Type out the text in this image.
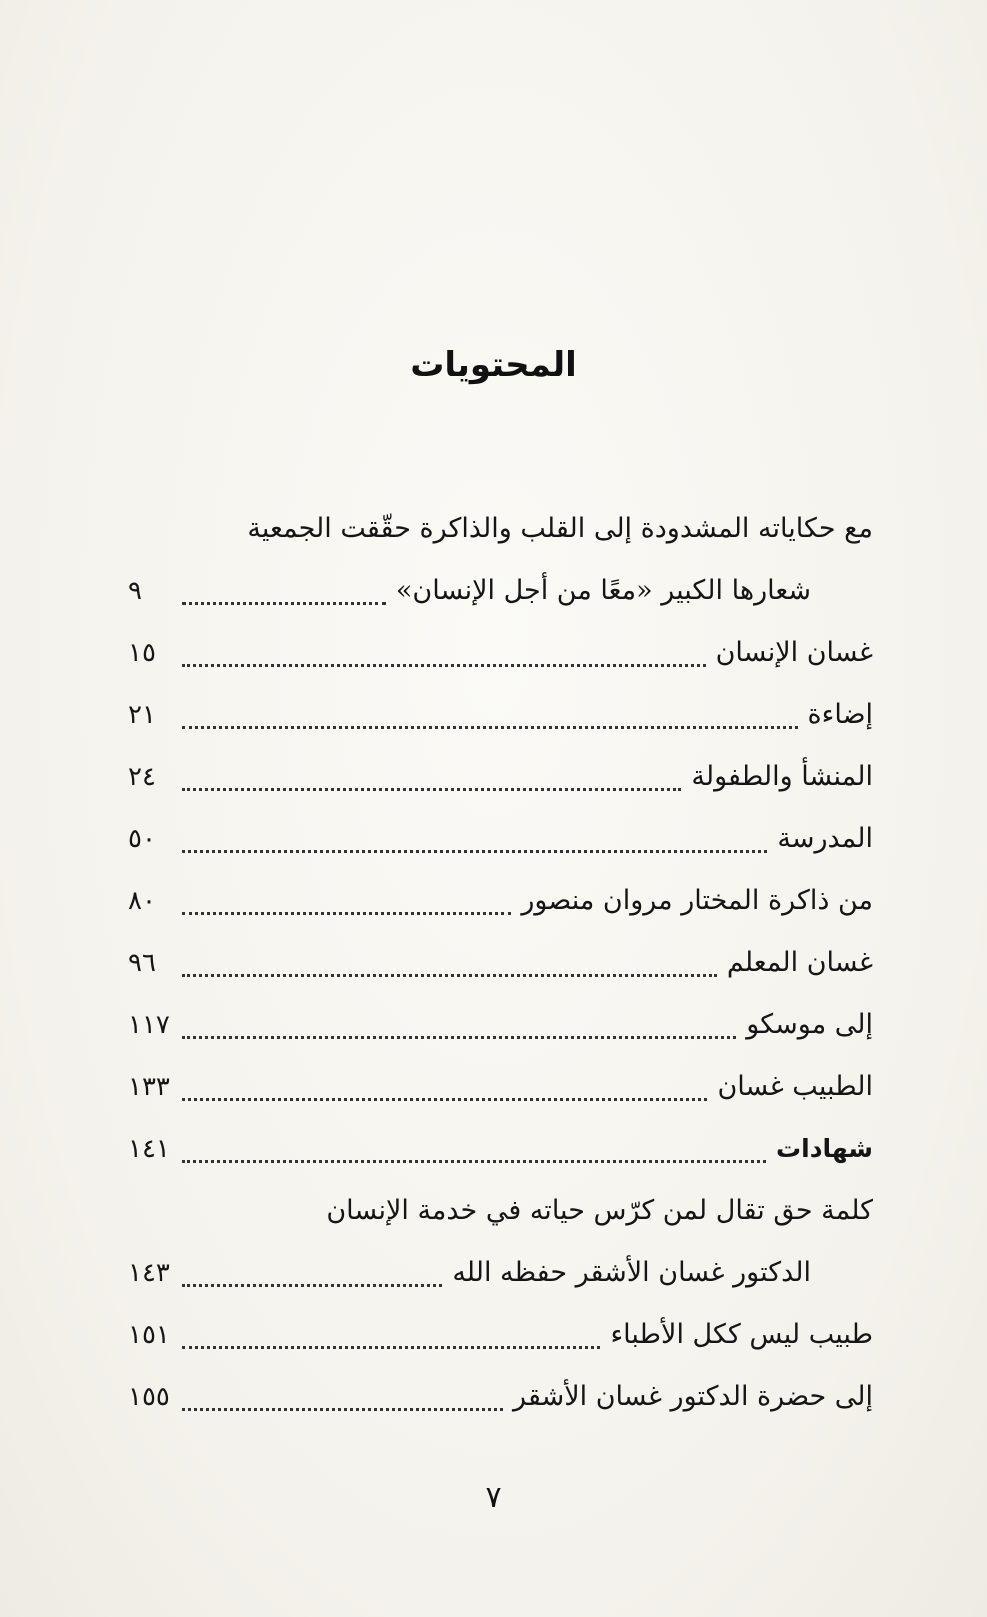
المحتويات
مع حكاياته المشدودة إلى القلب والذاكرة حقّقت الجمعية
شعارها الكبير «معًا من أجل الإنسان»
٩
غسان الإنسان
١٥
إضاءة
٢١
المنشأ والطفولة
٢٤
المدرسة
٥٠
من ذاكرة المختار مروان منصور
٨٠
غسان المعلم
٩٦
إلى موسكو
١١٧
الطبيب غسان
١٣٣
شهادات
١٤١
كلمة حق تقال لمن كرّس حياته في خدمة الإنسان
الدكتور غسان الأشقر حفظه الله
١٤٣
طبيب ليس ككل الأطباء
١٥١
إلى حضرة الدكتور غسان الأشقر
١٥٥
٧
